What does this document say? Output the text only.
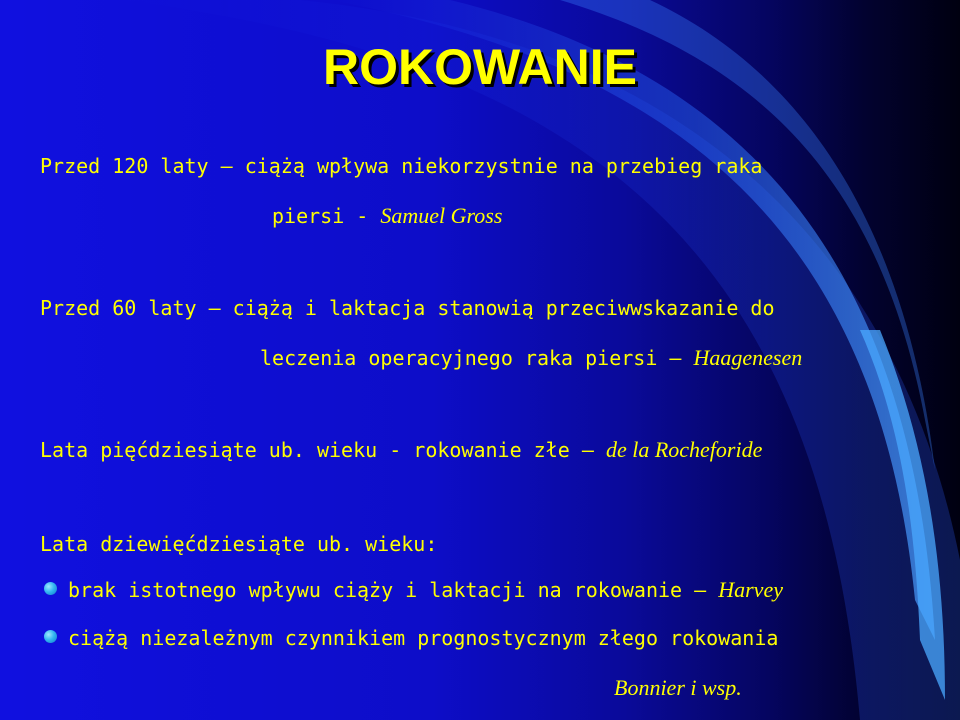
ROKOWANIE
Przed 120 laty – ciążą wpływa niekorzystnie na przebieg raka
piersi - Samuel Gross
Przed 60 laty – ciążą i laktacja stanowią przeciwwskazanie do
leczenia operacyjnego raka piersi – Haagenesen
Lata pięćdziesiąte ub. wieku - rokowanie złe – de la Rocheforide
Lata dziewięćdziesiąte ub. wieku:
brak istotnego wpływu ciąży i laktacji na rokowanie – Harvey
ciążą niezależnym czynnikiem prognostycznym złego rokowania
Bonnier i wsp.
